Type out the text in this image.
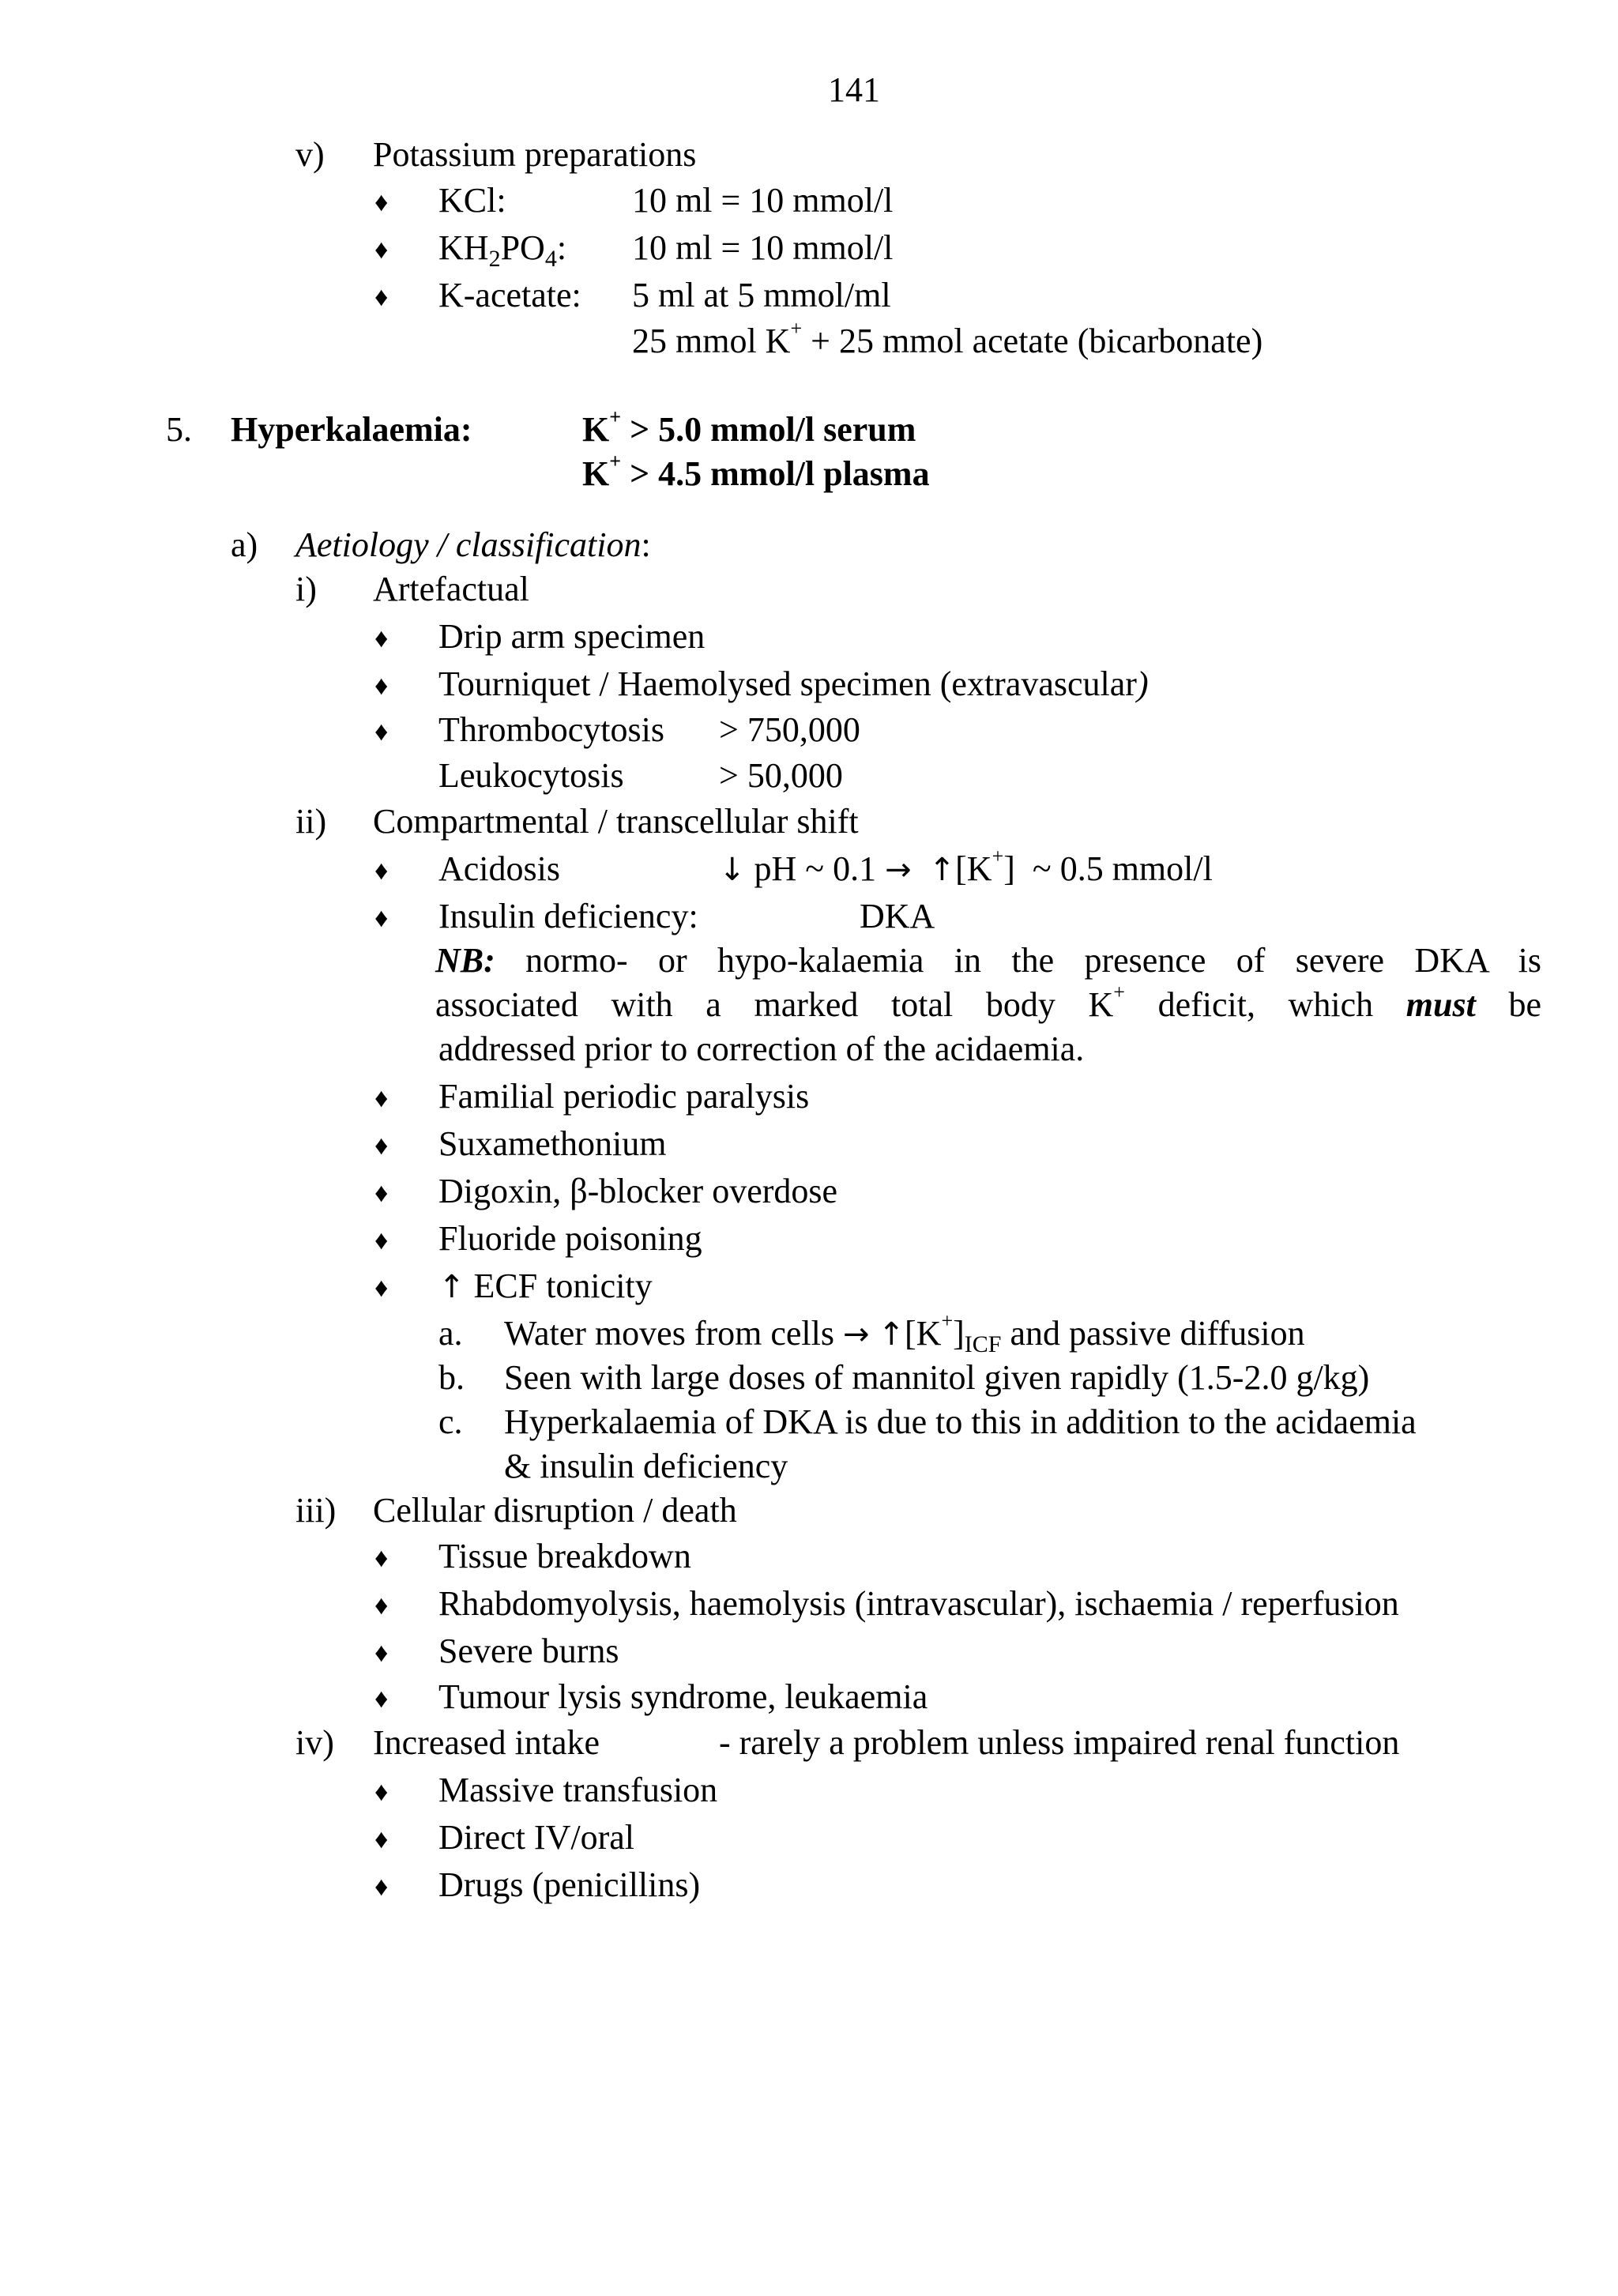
141
v) Potassium preparations
♦ KCl:	10 ml = 10 mmol/l
♦ $KH_2PO_4$: 10 ml = 10 mmol/l
♦ K-acetate: 5 ml at 5 mmol/ml
25 mmol K+ + 25 mmol acetate (bicarbonate)
5. Hyperkalaemia:	K+ > 5.0 mmol/l serum
K+ > 4.5 mmol/l plasma
a) Aetiology / classification:
i) Artefactual
♦ Drip arm specimen
♦ Tourniquet / Haemolysed specimen (extravascular)
♦ Thrombocytosis > 750,000
Leukocytosis	> 50,000
ii) Compartmental / transcellular shift
♦ Acidosis	↓ pH ~ 0.1 → ↑[K+] ~ 0.5 mmol/l
♦ Insulin deficiency:	DKA
NB: normo- or hypo-kalaemia in the presence of severe DKA is
associated with a marked total body K+ deficit, which must be
addressed prior to correction of the acidaemia.
♦ Familial periodic paralysis
♦ Suxamethonium
♦ Digoxin, β-blocker overdose
♦ Fluoride poisoning
♦ ↑ ECF tonicity
a. Water moves from cells → $↑[K^+]_{ICF}$ and passive diffusion
b. Seen with large doses of mannitol given rapidly (1.5-2.0 g/kg)
c. Hyperkalaemia of DKA is due to this in addition to the acidaemia
& insulin deficiency
iii) Cellular disruption / death
♦ Tissue breakdown
♦ Rhabdomyolysis, haemolysis (intravascular), ischaemia / reperfusion
♦ Severe burns
♦ Tumour lysis syndrome, leukaemia
iv) Increased intake	- rarely a problem unless impaired renal function
♦ Massive transfusion
♦ Direct IV/oral
♦ Drugs (penicillins)
